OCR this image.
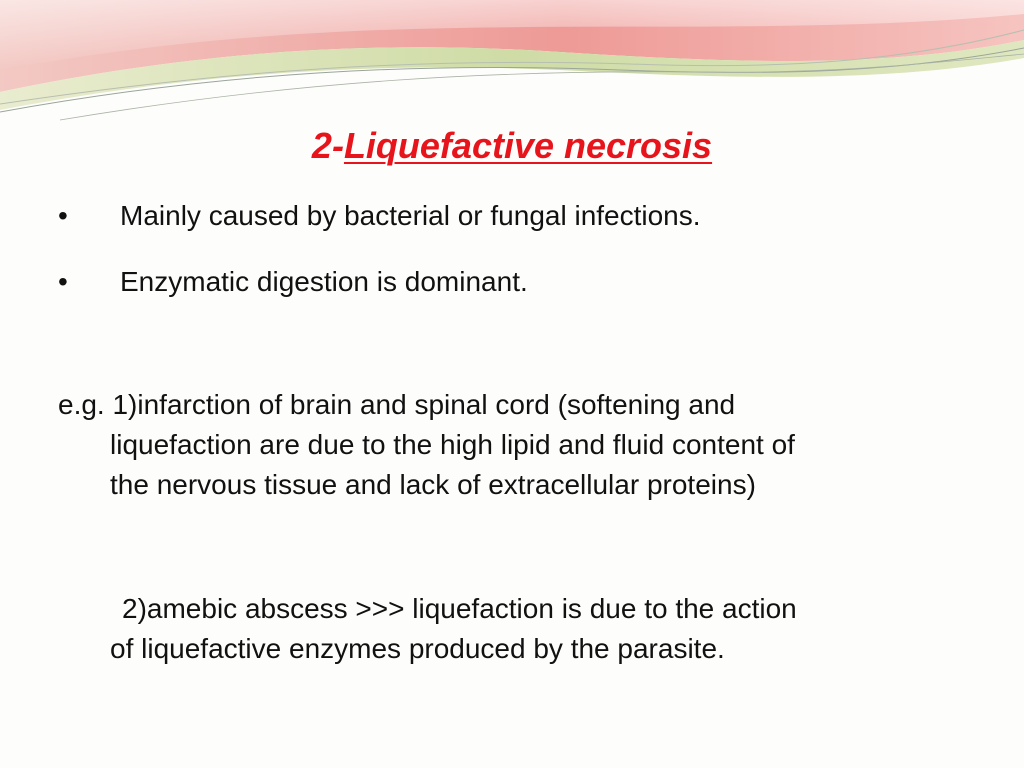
2-Liquefactive necrosis
• Mainly caused by bacterial or fungal infections.
• Enzymatic digestion is dominant.
e.g. 1)infarction of brain and spinal cord (softening and
liquefaction are due to the high lipid and fluid content of
the nervous tissue and lack of extracellular proteins)
2)amebic abscess >>> liquefaction is due to the action
of liquefactive enzymes produced by the parasite.
